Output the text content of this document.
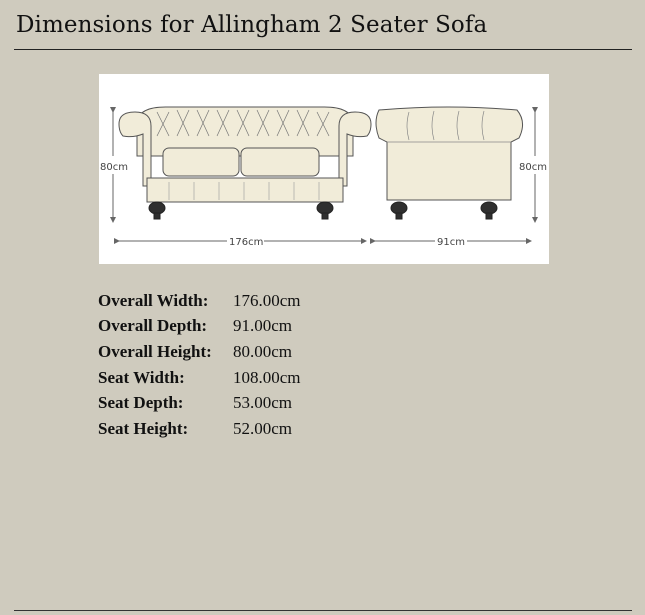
Dimensions for Allingham 2 Seater Sofa
80cm
176cm
80cm
91cm
Overall Width:	176.00cm
Overall Depth:	91.00cm
Overall Height:	80.00cm
Seat Width:	108.00cm
Seat Depth:	53.00cm
Seat Height:	52.00cm
